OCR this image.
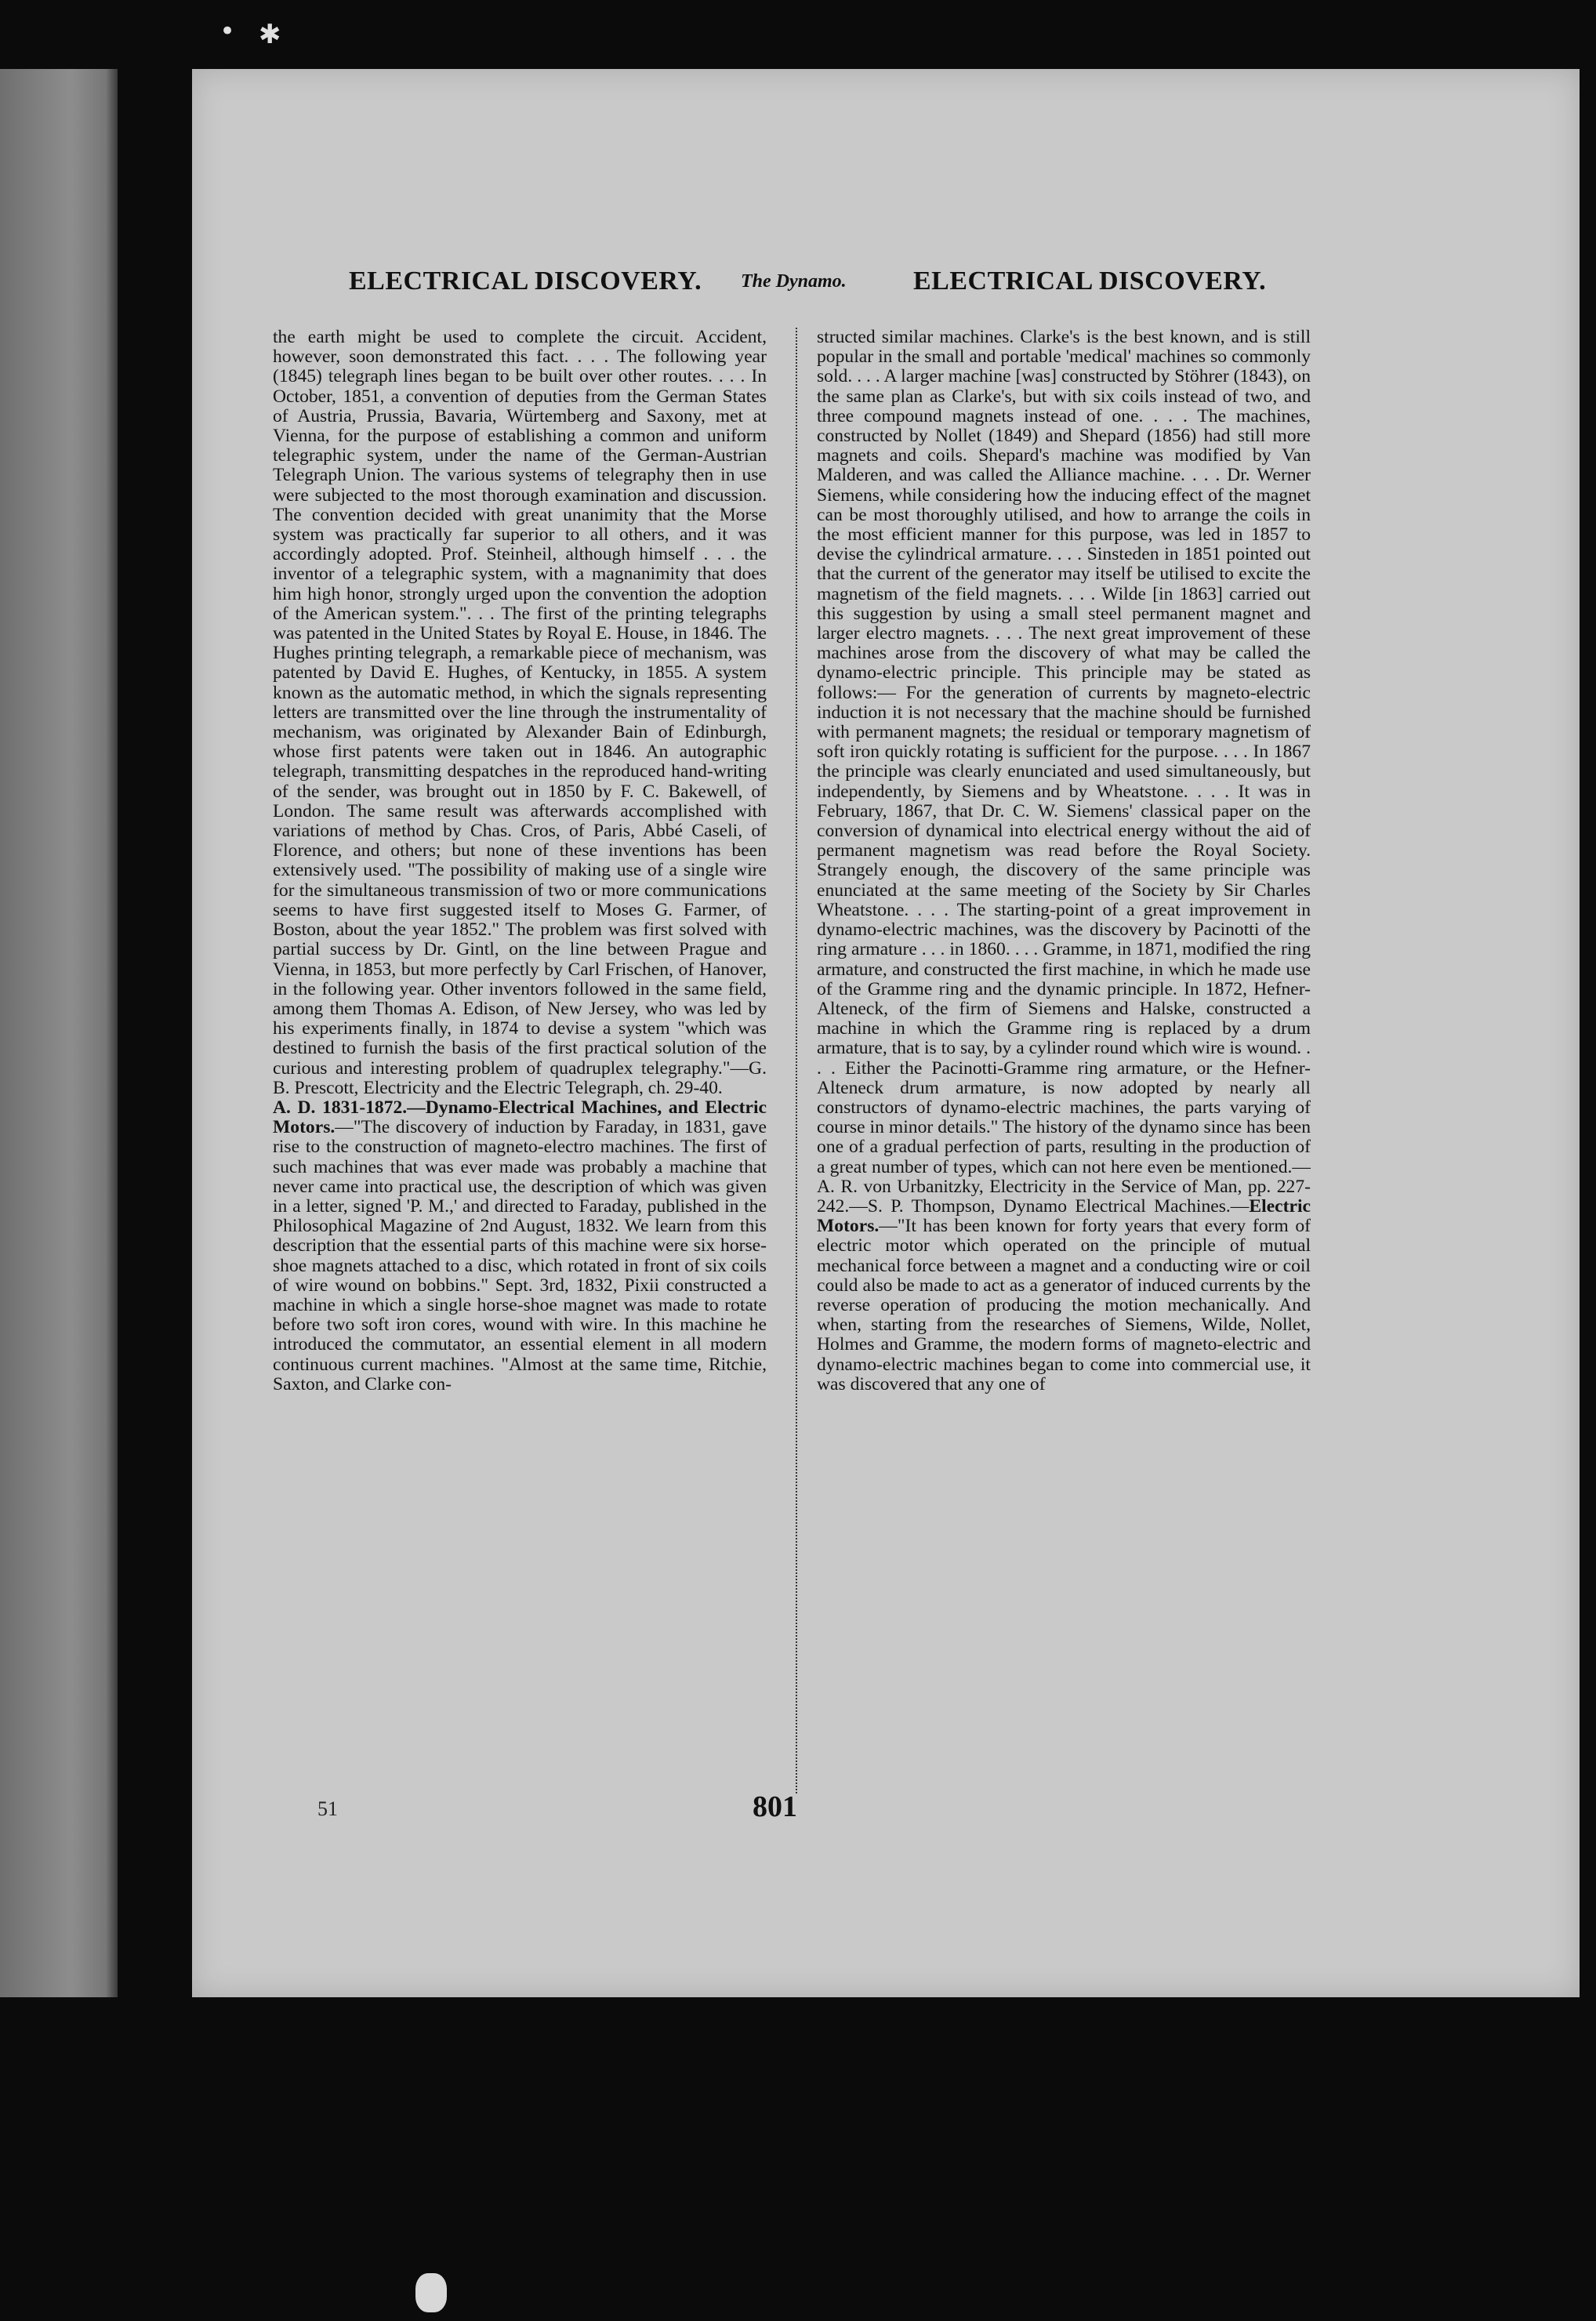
• ✱
ELECTRICAL DISCOVERY. The Dynamo.	ELECTRICAL DISCOVERY.

the earth might be used to complete the circuit. Accident, however, soon demonstrated this fact. . . . The following year (1845) telegraph lines began to be built over other routes. . . . In October, 1851, a convention of deputies from the German States of Austria, Prussia, Bavaria, Würtemberg and Saxony, met at Vienna, for the purpose of establishing a common and uniform telegraphic system, under the name of the German-Austrian Telegraph Union. The various systems of telegraphy then in use were subjected to the most thorough examination and discussion. The convention decided with great unanimity that the Morse system was practically far superior to all others, and it was accordingly adopted. Prof. Steinheil, although himself . . . the inventor of a telegraphic system, with a magnanimity that does him high honor, strongly urged upon the convention the adoption of the American system.". . . The first of the printing telegraphs was patented in the United States by Royal E. House, in 1846. The Hughes printing telegraph, a remarkable piece of mechanism, was patented by David E. Hughes, of Kentucky, in 1855. A system known as the automatic method, in which the signals representing letters are transmitted over the line through the instrumentality of mechanism, was originated by Alexander Bain of Edinburgh, whose first patents were taken out in 1846. An autographic telegraph, transmitting despatches in the reproduced hand-writing of the sender, was brought out in 1850 by F. C. Bakewell, of London. The same result was afterwards accomplished with variations of method by Chas. Cros, of Paris, Abbé Caseli, of Florence, and others; but none of these inventions has been extensively used. "The possibility of making use of a single wire for the simultaneous transmission of two or more communications seems to have first suggested itself to Moses G. Farmer, of Boston, about the year 1852." The problem was first solved with partial success by Dr. Gintl, on the line between Prague and Vienna, in 1853, but more perfectly by Carl Frischen, of Hanover, in the following year. Other inventors followed in the same field, among them Thomas A. Edison, of New Jersey, who was led by his experiments finally, in 1874 to devise a system "which was destined to furnish the basis of the first practical solution of the curious and interesting problem of quadruplex telegraphy."—G. B. Prescott, Electricity and the Electric Telegraph, ch. 29-40.

A. D. 1831-1872.—Dynamo-Electrical Machines, and Electric Motors.—"The discovery of induction by Faraday, in 1831, gave rise to the construction of magneto-electro machines. The first of such machines that was ever made was probably a machine that never came into practical use, the description of which was given in a letter, signed 'P. M.,' and directed to Faraday, published in the Philosophical Magazine of 2nd August, 1832. We learn from this description that the essential parts of this machine were six horse-shoe magnets attached to a disc, which rotated in front of six coils of wire wound on bobbins." Sept. 3rd, 1832, Pixii constructed a machine in which a single horse-shoe magnet was made to rotate before two soft iron cores, wound with wire. In this machine he introduced the commutator, an essential element in all modern continuous current machines. "Almost at the same time, Ritchie, Saxton, and Clarke con-

structed similar machines. Clarke's is the best known, and is still popular in the small and portable 'medical' machines so commonly sold. . . . A larger machine [was] constructed by Stöhrer (1843), on the same plan as Clarke's, but with six coils instead of two, and three compound magnets instead of one. . . . The machines, constructed by Nollet (1849) and Shepard (1856) had still more magnets and coils. Shepard's machine was modified by Van Malderen, and was called the Alliance machine. . . . Dr. Werner Siemens, while considering how the inducing effect of the magnet can be most thoroughly utilised, and how to arrange the coils in the most efficient manner for this purpose, was led in 1857 to devise the cylindrical armature. . . . Sinsteden in 1851 pointed out that the current of the generator may itself be utilised to excite the magnetism of the field magnets. . . . Wilde [in 1863] carried out this suggestion by using a small steel permanent magnet and larger electro magnets. . . . The next great improvement of these machines arose from the discovery of what may be called the dynamo-electric principle. This principle may be stated as follows:— For the generation of currents by magneto-electric induction it is not necessary that the machine should be furnished with permanent magnets; the residual or temporary magnetism of soft iron quickly rotating is sufficient for the purpose. . . . In 1867 the principle was clearly enunciated and used simultaneously, but independently, by Siemens and by Wheatstone. . . . It was in February, 1867, that Dr. C. W. Siemens' classical paper on the conversion of dynamical into electrical energy without the aid of permanent magnetism was read before the Royal Society. Strangely enough, the discovery of the same principle was enunciated at the same meeting of the Society by Sir Charles Wheatstone. . . . The starting-point of a great improvement in dynamo-electric machines, was the discovery by Pacinotti of the ring armature . . . in 1860. . . . Gramme, in 1871, modified the ring armature, and constructed the first machine, in which he made use of the Gramme ring and the dynamic principle. In 1872, Hefner-Alteneck, of the firm of Siemens and Halske, constructed a machine in which the Gramme ring is replaced by a drum armature, that is to say, by a cylinder round which wire is wound. . . . Either the Pacinotti-Gramme ring armature, or the Hefner-Alteneck drum armature, is now adopted by nearly all constructors of dynamo-electric machines, the parts varying of course in minor details." The history of the dynamo since has been one of a gradual perfection of parts, resulting in the production of a great number of types, which can not here even be mentioned.—A. R. von Urbanitzky, Electricity in the Service of Man, pp. 227-242.—S. P. Thompson, Dynamo Electrical Machines.—Electric Motors.—"It has been known for forty years that every form of electric motor which operated on the principle of mutual mechanical force between a magnet and a conducting wire or coil could also be made to act as a generator of induced currents by the reverse operation of producing the motion mechanically. And when, starting from the researches of Siemens, Wilde, Nollet, Holmes and Gramme, the modern forms of magneto-electric and dynamo-electric machines began to come into commercial use, it was discovered that any one of

51	801
